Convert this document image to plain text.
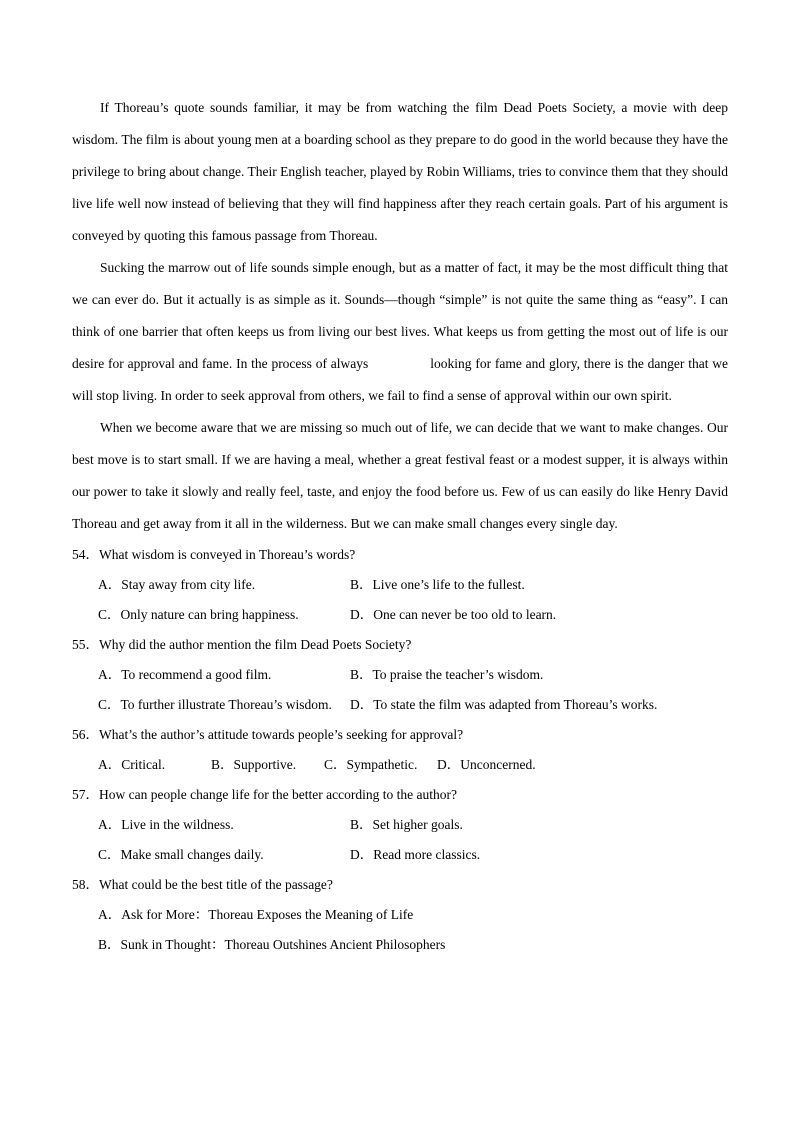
If Thoreau’s quote sounds familiar, it may be from watching the film Dead Poets Society, a movie with deep wisdom. The film is about young men at a boarding school as they prepare to do good in the world because they have the privilege to bring about change. Their English teacher, played by Robin Williams, tries to convince them that they should live life well now instead of believing that they will find happiness after they reach certain goals. Part of his argument is conveyed by quoting this famous passage from Thoreau.

Sucking the marrow out of life sounds simple enough, but as a matter of fact, it may be the most difficult thing that we can ever do. But it actually is as simple as it. Sounds—though “simple” is not quite the same thing as “easy”. I can think of one barrier that often keeps us from living our best lives. What keeps us from getting the most out of life is our desire for approval and fame. In the process of always	looking for fame and glory, there is the danger that we will stop living. In order to seek approval from others, we fail to find a sense of approval within our own spirit.

When we become aware that we are missing so much out of life, we can decide that we want to make changes. Our best move is to start small. If we are having a meal, whether a great festival feast or a modest supper, it is always within our power to take it slowly and really feel, taste, and enjoy the food before us. Few of us can easily do like Henry David Thoreau and get away from it all in the wilderness. But we can make small changes every single day.

54．What wisdom is conveyed in Thoreau’s words?

A．Stay away from city life.	B．Live one’s life to the fullest.
C．Only nature can bring happiness.	D．One can never be too old to learn.

55．Why did the author mention the film Dead Poets Society?

A．To recommend a good film.	B．To praise the teacher’s wisdom.
C．To further illustrate Thoreau’s wisdom.	D．To state the film was adapted from Thoreau’s works.

56．What’s the author’s attitude towards people’s seeking for approval?

A．Critical.	B．Supportive.	C．Sympathetic.	D．Unconcerned.

57．How can people change life for the better according to the author?

A．Live in the wildness.	B．Set higher goals.
C．Make small changes daily.	D．Read more classics.

58．What could be the best title of the passage?

A．Ask for More：Thoreau Exposes the Meaning of Life
B．Sunk in Thought：Thoreau Outshines Ancient Philosophers
